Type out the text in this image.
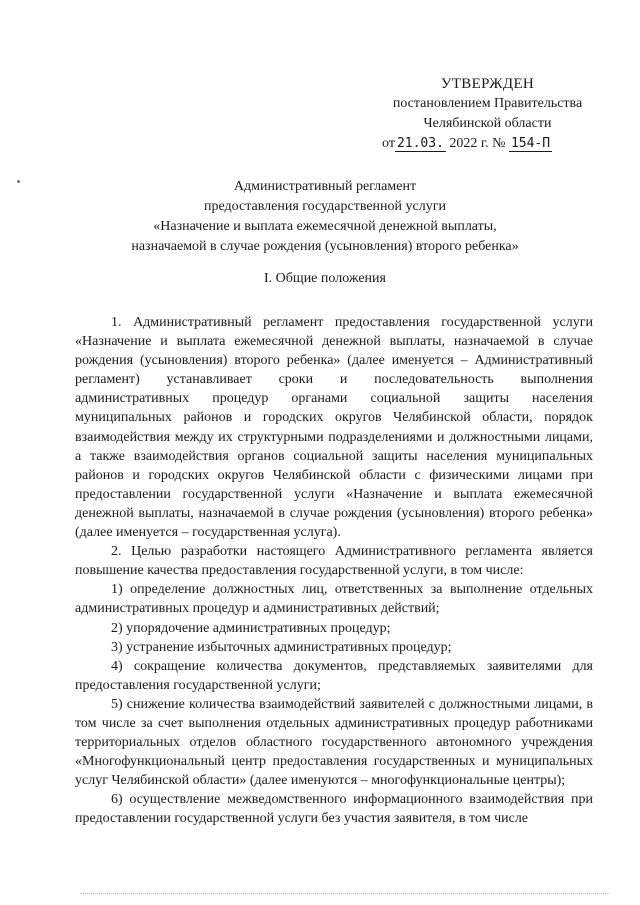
УТВЕРЖДЕН
постановлением Правительства
Челябинской области
от 21.03. 2022 г. № 154-П
Административный регламент
предоставления государственной услуги
«Назначение и выплата ежемесячной денежной выплаты,
назначаемой в случае рождения (усыновления) второго ребенка»
I. Общие положения

1. Административный регламент предоставления государственной услуги «Назначение и выплата ежемесячной денежной выплаты, назначаемой в случае рождения (усыновления) второго ребенка» (далее именуется – Административный регламент) устанавливает сроки и последовательность выполнения административных процедур органами социальной защиты населения муниципальных районов и городских округов Челябинской области, порядок взаимодействия между их структурными подразделениями и должностными лицами, а также взаимодействия органов социальной защиты населения муниципальных районов и городских округов Челябинской области с физическими лицами при предоставлении государственной услуги «Назначение и выплата ежемесячной денежной выплаты, назначаемой в случае рождения (усыновления) второго ребенка» (далее именуется – государственная услуга).

2. Целью разработки настоящего Административного регламента является повышение качества предоставления государственной услуги, в том числе:

1) определение должностных лиц, ответственных за выполнение отдельных административных процедур и административных действий;

2) упорядочение административных процедур;

3) устранение избыточных административных процедур;

4) сокращение количества документов, представляемых заявителями для предоставления государственной услуги;

5) снижение количества взаимодействий заявителей с должностными лицами, в том числе за счет выполнения отдельных административных процедур работниками территориальных отделов областного государственного автономного учреждения «Многофункциональный центр предоставления государственных и муниципальных услуг Челябинской области» (далее именуются – многофункциональные центры);

6) осуществление межведомственного информационного взаимодействия при предоставлении государственной услуги без участия заявителя, в том числе
